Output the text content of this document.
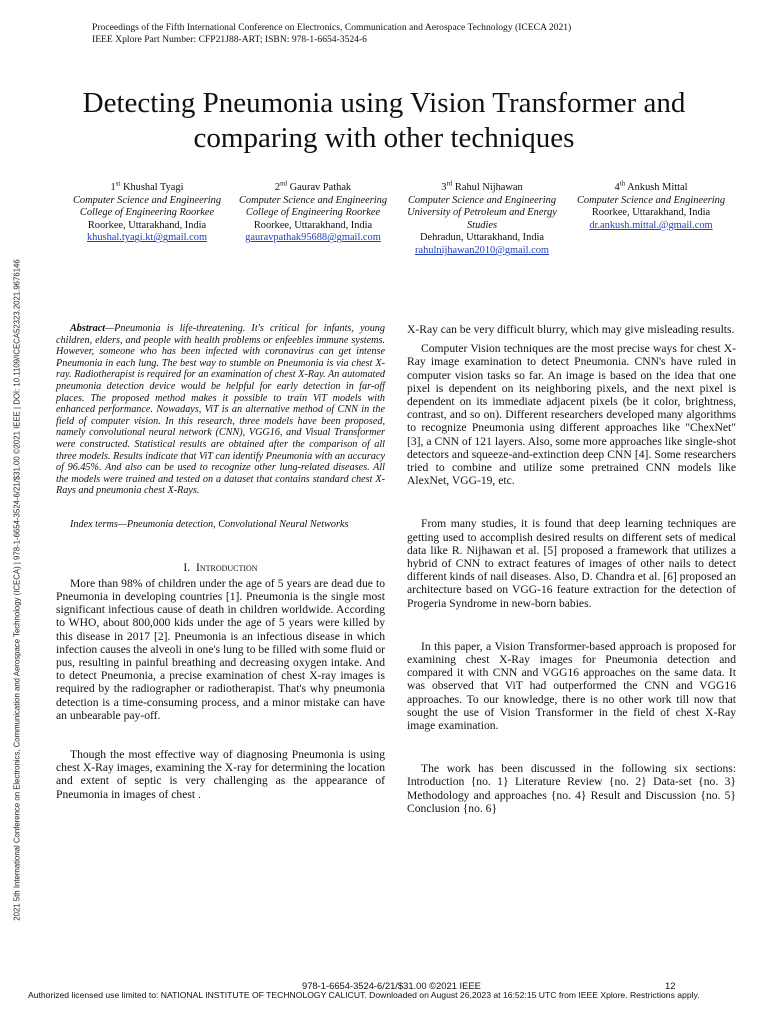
Proceedings of the Fifth International Conference on Electronics, Communication and Aerospace Technology (ICECA 2021)
IEEE Xplore Part Number: CFP21J88-ART; ISBN: 978-1-6654-3524-6
Detecting Pneumonia using Vision Transformer and
comparing with other techniques
1st Khushal Tyagi
Computer Science and Engineering
College of Engineering Roorkee
Roorkee, Uttarakhand, India
khushal.tyagi.kt@gmail.com
2nd Gaurav Pathak
Computer Science and Engineering
College of Engineering Roorkee
Roorkee, Uttarakhand, India
gauravpathak95688@gmail.com
3rd Rahul Nijhawan
Computer Science and Engineering
University of Petroleum and Energy Studies
Dehradun, Uttarakhand, India
rahulnijhawan2010@gmail.com
4th Ankush Mittal
Computer Science and Engineering
Roorkee, Uttarakhand, India
dr.ankush.mittal.@gmail.com

Abstract—Pneumonia is life-threatening. It's critical for infants, young children, elders, and people with health problems or enfeebles immune systems. However, someone who has been infected with coronavirus can get intense Pneumonia in each lung. The best way to stumble on Pneumonia is via chest X-ray. Radiotherapist is required for an examination of chest X-Ray. An automated pneumonia detection device would be helpful for early detection in far-off places. The proposed method makes it possible to train ViT models with enhanced performance. Nowadays, ViT is an alternative method of CNN in the field of computer vision. In this research, three models have been proposed, namely convolutional neural network (CNN), VGG16, and Visual Transformer were constructed. Statistical results are obtained after the comparison of all three models. Results indicate that ViT can identify Pneumonia with an accuracy of 96.45%. And also can be used to recognize other lung-related diseases. All the models were trained and tested on a dataset that contains standard chest X-Rays and pneumonia chest X-Rays.

Index terms—Pneumonia detection, Convolutional Neural Networks

I. Introduction

More than 98% of children under the age of 5 years are dead due to Pneumonia in developing countries [1]. Pneumonia is the single most significant infectious cause of death in children worldwide. According to WHO, about 800,000 kids under the age of 5 years were killed by this disease in 2017 [2]. Pneumonia is an infectious disease in which infection causes the alveoli in one's lung to be filled with some fluid or pus, resulting in painful breathing and decreasing oxygen intake. And to detect Pneumonia, a precise examination of chest X-ray images is required by the radiographer or radiotherapist. That's why pneumonia detection is a time-consuming process, and a minor mistake can have an unbearable pay-off.

Though the most effective way of diagnosing Pneumonia is using chest X-Ray images, examining the X-ray for determining the location and extent of septic is very challenging as the appearance of Pneumonia in images of chest .

X-Ray can be very difficult blurry, which may give misleading results.

Computer Vision techniques are the most precise ways for chest X-Ray image examination to detect Pneumonia. CNN's have ruled in computer vision tasks so far. An image is based on the idea that one pixel is dependent on its neighboring pixels, and the next pixel is dependent on its immediate adjacent pixels (be it color, brightness, contrast, and so on). Different researchers developed many algorithms to recognize Pneumonia using different approaches like "ChexNet" [3], a CNN of 121 layers. Also, some more approaches like single-shot detectors and squeeze-and-extinction deep CNN [4]. Some researchers tried to combine and utilize some pretrained CNN models like AlexNet, VGG-19, etc.

From many studies, it is found that deep learning techniques are getting used to accomplish desired results on different sets of medical data like R. Nijhawan et al. [5] proposed a framework that utilizes a hybrid of CNN to extract features of images of other nails to detect different kinds of nail diseases. Also, D. Chandra et al. [6] proposed an architecture based on VGG-16 feature extraction for the detection of Progeria Syndrome in new-born babies.

In this paper, a Vision Transformer-based approach is proposed for examining chest X-Ray images for Pneumonia detection and compared it with CNN and VGG16 approaches on the same data. It was observed that ViT had outperformed the CNN and VGG16 approaches. To our knowledge, there is no other work till now that sought the use of Vision Transformer in the field of chest X-Ray image examination.

The work has been discussed in the following six sections: Introduction {no. 1} Literature Review {no. 2} Data-set {no. 3} Methodology and approaches {no. 4} Result and Discussion {no. 5} Conclusion {no. 6}

2021 5th International Conference on Electronics, Communication and Aerospace Technology (ICECA) | 978-1-6654-3524-6/21/$31.00 ©2021 IEEE | DOI: 10.1109/ICECA52323.2021.9676146
978-1-6654-3524-6/21/$31.00 ©2021 IEEE	12
Authorized licensed use limited to: NATIONAL INSTITUTE OF TECHNOLOGY CALICUT. Downloaded on August 26,2023 at 16:52:15 UTC from IEEE Xplore. Restrictions apply.
